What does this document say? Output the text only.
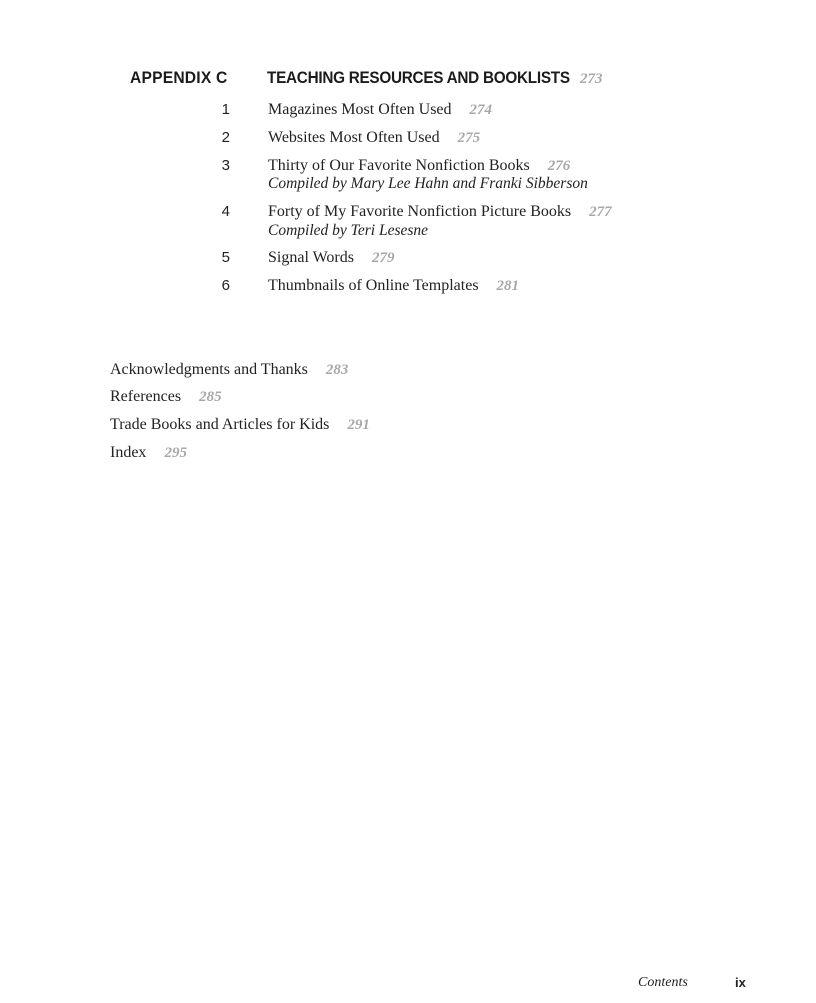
APPENDIX C TEACHING RESOURCES AND BOOKLISTS 273
1 Magazines Most Often Used 274
2 Websites Most Often Used 275
3 Thirty of Our Favorite Nonfiction Books 276
Compiled by Mary Lee Hahn and Franki Sibberson
4 Forty of My Favorite Nonfiction Picture Books 277
Compiled by Teri Lesesne
5 Signal Words 279
6 Thumbnails of Online Templates 281
Acknowledgments and Thanks 283
References 285
Trade Books and Articles for Kids 291
Index 295
Contents	ix
